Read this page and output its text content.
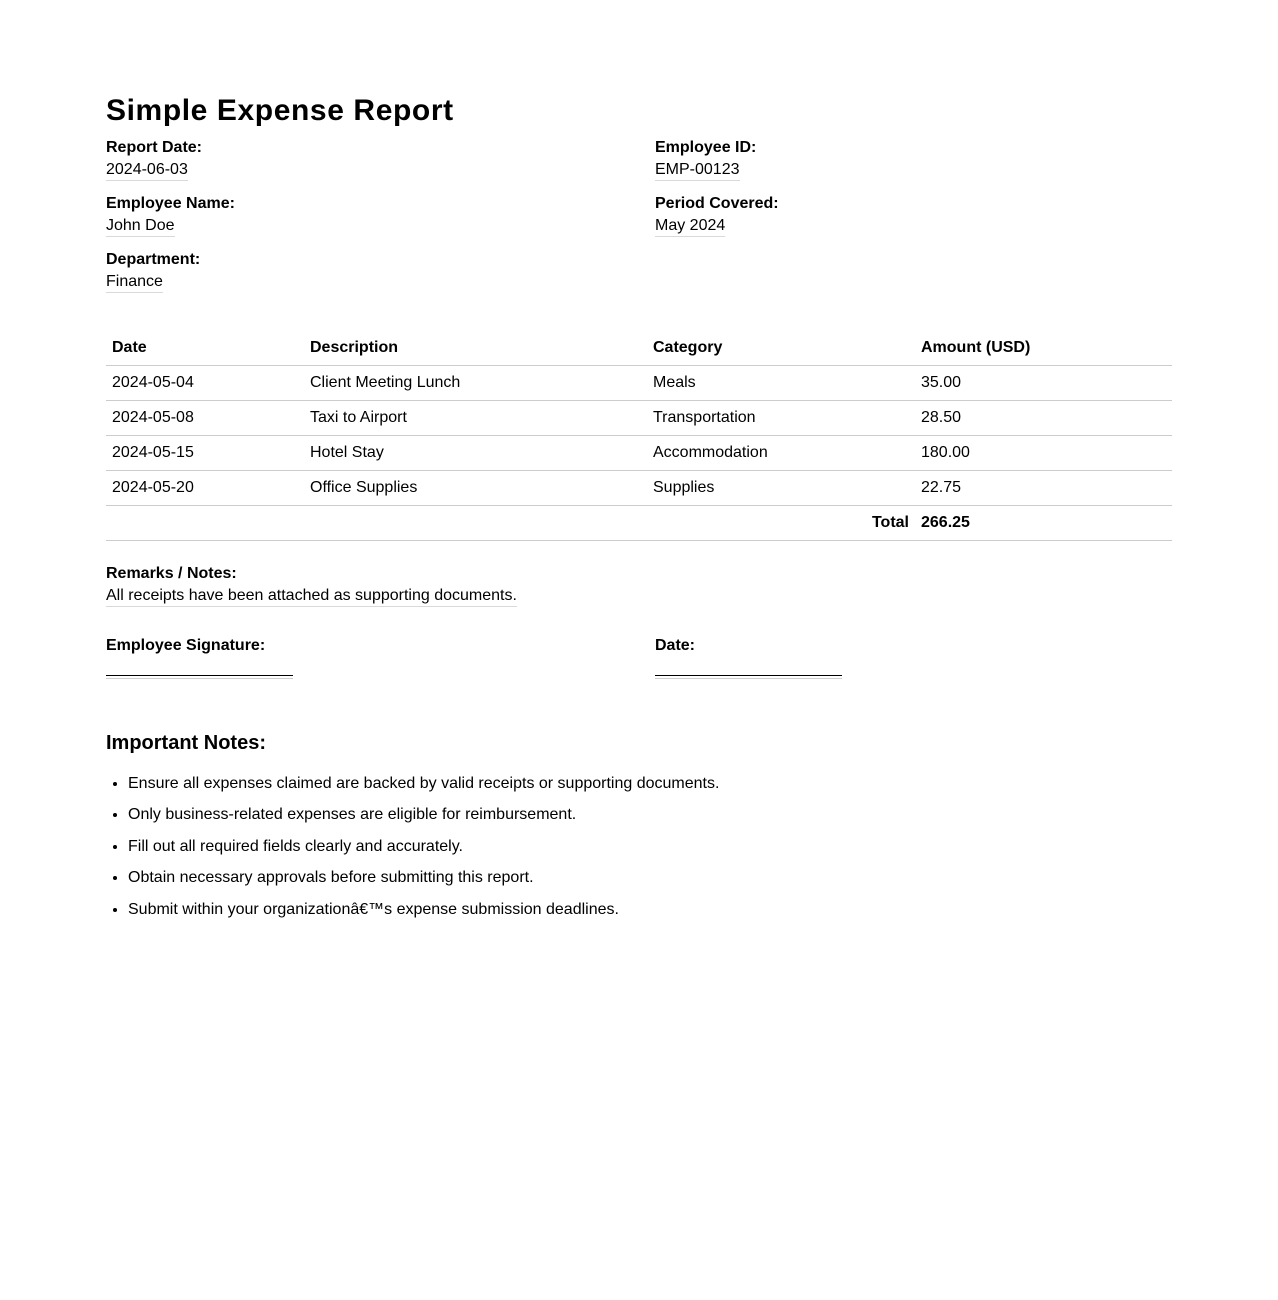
Simple Expense Report
Report Date:
2024-06-03
Employee ID:
EMP-00123
Employee Name:
John Doe
Period Covered:
May 2024
Department:
Finance
Date	Description	Category	Amount (USD)
2024-05-04	Client Meeting Lunch	Meals	35.00
2024-05-08	Taxi to Airport	Transportation	28.50
2024-05-15	Hotel Stay	Accommodation	180.00
2024-05-20	Office Supplies	Supplies	22.75
Total			266.25
Remarks / Notes:
All receipts have been attached as supporting documents.
Employee Signature:	Date:
Important Notes:
• Ensure all expenses claimed are backed by valid receipts or supporting documents.
• Only business-related expenses are eligible for reimbursement.
• Fill out all required fields clearly and accurately.
• Obtain necessary approvals before submitting this report.
• Submit within your organizationâ€™s expense submission deadlines.
